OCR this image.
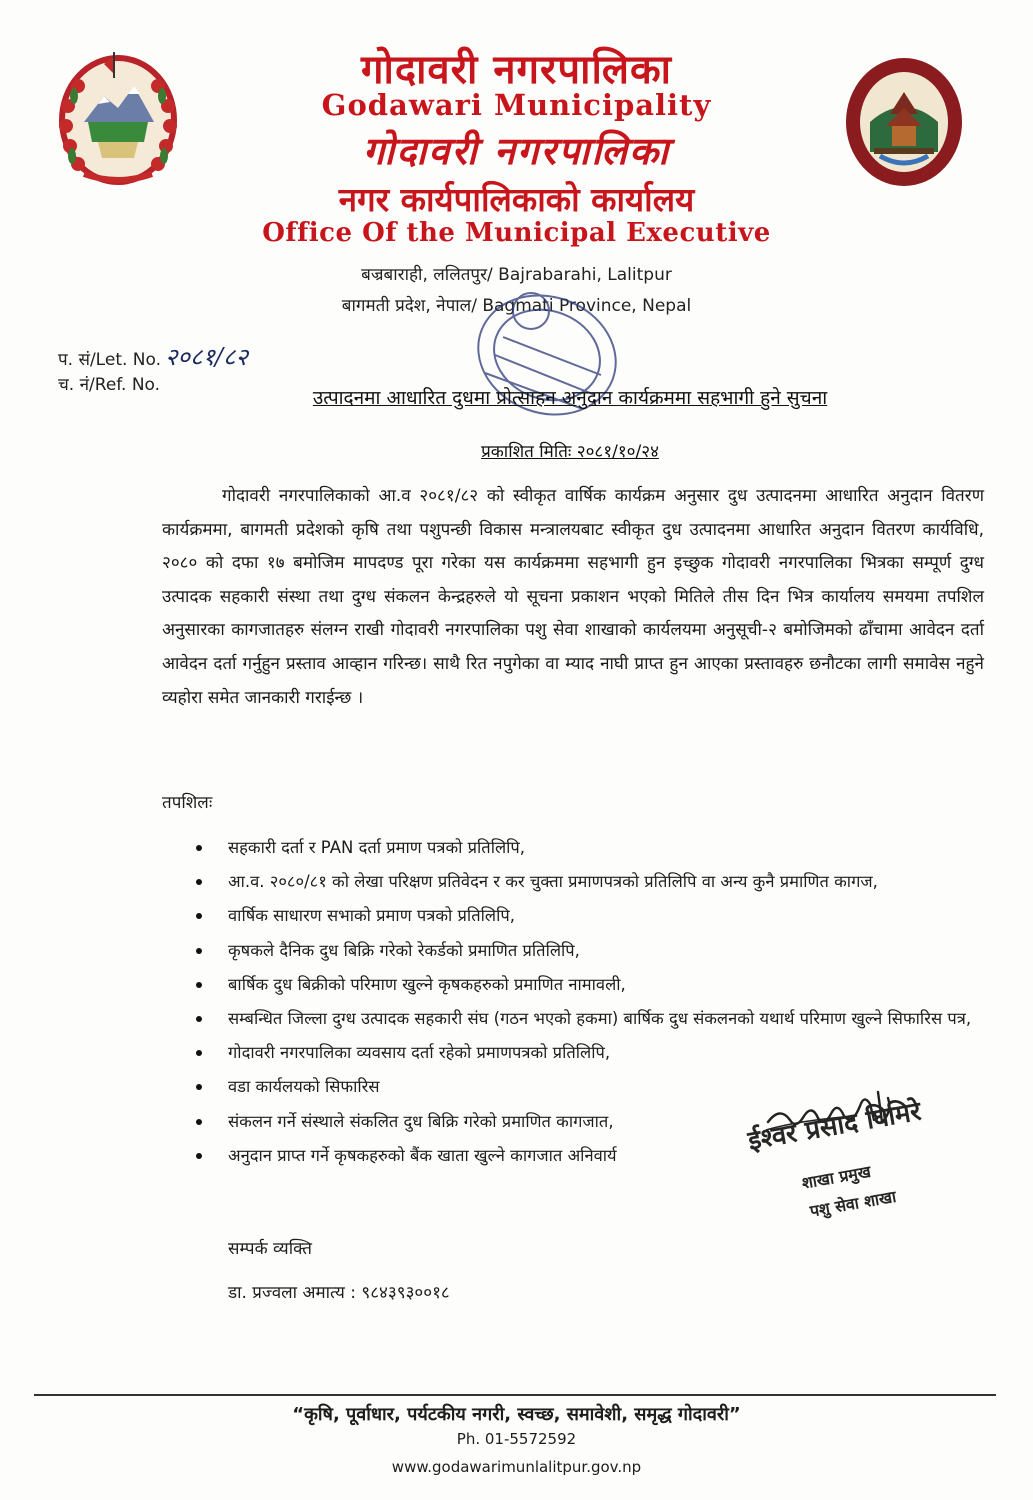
गोदावरी नगरपालिका
Godawari Municipality
गोदावरी नगरपालिका
नगर कार्यपालिकाको कार्यालय
Office Of the Municipal Executive
बज्रबाराही, ललितपुर/ Bajrabarahi, Lalitpur
बागमती प्रदेश, नेपाल/ Bagmati Province, Nepal
प. सं/Let. No. २०८१/८२
च. नं/Ref. No.
उत्पादनमा आधारित दुधमा प्रोत्साहन अनुदान कार्यक्रममा सहभागी हुने सुचना
प्रकाशित मितिः २०८१/१०/२४
गोदावरी नगरपालिकाको आ.व २०८१/८२ को स्वीकृत वार्षिक कार्यक्रम अनुसार दुध उत्पादनमा आधारित अनुदान वितरण कार्यक्रममा, बागमती प्रदेशको कृषि तथा पशुपन्छी विकास मन्त्रालयबाट स्वीकृत दुध उत्पादनमा आधारित अनुदान वितरण कार्यविधि, २०८० को दफा १७ बमोजिम मापदण्ड पूरा गरेका यस कार्यक्रममा सहभागी हुन इच्छुक गोदावरी नगरपालिका भित्रका सम्पूर्ण दुग्ध उत्पादक सहकारी संस्था तथा दुग्ध संकलन केन्द्रहरुले यो सूचना प्रकाशन भएको मितिले तीस दिन भित्र कार्यालय समयमा तपशिल अनुसारका कागजातहरु संलग्न राखी गोदावरी नगरपालिका पशु सेवा शाखाको कार्यलयमा अनुसूची-२ बमोजिमको ढाँचामा आवेदन दर्ता आवेदन दर्ता गर्नुहुन प्रस्ताव आव्हान गरिन्छ। साथै रित नपुगेका वा म्याद नाघी प्राप्त हुन आएका प्रस्तावहरु छनौटका लागी समावेस नहुने व्यहोरा समेत जानकारी गराईन्छ ।
तपशिलः
सहकारी दर्ता र PAN दर्ता प्रमाण पत्रको प्रतिलिपि,
आ.व. २०८०/८१ को लेखा परिक्षण प्रतिवेदन र कर चुक्ता प्रमाणपत्रको प्रतिलिपि वा अन्य कुनै प्रमाणित कागज,
वार्षिक साधारण सभाको प्रमाण पत्रको प्रतिलिपि,
कृषकले दैनिक दुध बिक्रि गरेको रेकर्डको प्रमाणित प्रतिलिपि,
बार्षिक दुध बिक्रीको परिमाण खुल्ने कृषकहरुको प्रमाणित नामावली,
सम्बन्धित जिल्ला दुग्ध उत्पादक सहकारी संघ (गठन भएको हकमा) बार्षिक दुध संकलनको यथार्थ परिमाण खुल्ने सिफारिस पत्र,
गोदावरी नगरपालिका व्यवसाय दर्ता रहेको प्रमाणपत्रको प्रतिलिपि,
वडा कार्यलयको सिफारिस
संकलन गर्ने संस्थाले संकलित दुध बिक्रि गरेको प्रमाणित कागजात,
अनुदान प्राप्त गर्ने कृषकहरुको बैंक खाता खुल्ने कागजात अनिवार्य	ईश्वर प्रसाद घिमिरे
शाखा प्रमुख
पशु सेवा शाखा
सम्पर्क व्यक्ति
डा. प्रज्वला अमात्य : ९८४३९३००१८
“कृषि, पूर्वाधार, पर्यटकीय नगरी, स्वच्छ, समावेशी, समृद्ध गोदावरी”
Ph. 01-5572592
www.godawarimunlalitpur.gov.np
